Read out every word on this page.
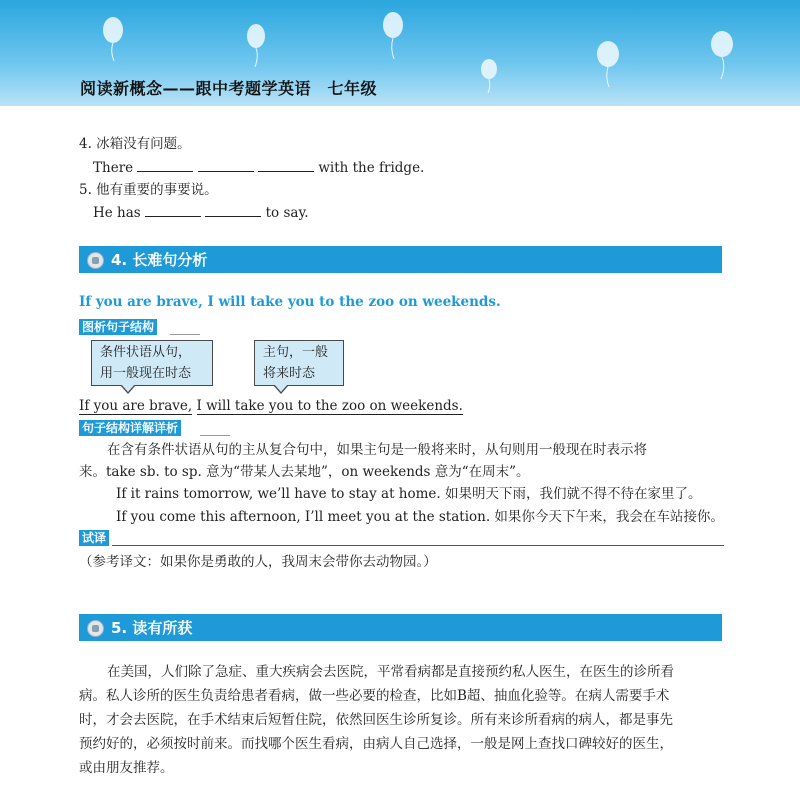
阅读新概念——跟中考题学英语　七年级
4. 冰箱没有问题。
There	with the fridge.
5. 他有重要的事要说。
He has	to say.
4. 长难句分析
If you are brave, I will take you to the zoo on weekends.
图析句子结构
条件状语从句，
用一般现在时态
主句，一般
将来时态
If you are brave, I will take you to the zoo on weekends.
句子结构详解详析
在含有条件状语从句的主从复合句中，如果主句是一般将来时，从句则用一般现在时表示将
来。take sb. to sp. 意为“带某人去某地”，on weekends 意为“在周末”。
If it rains tomorrow, we’ll have to stay at home. 如果明天下雨，我们就不得不待在家里了。
If you come this afternoon, I’ll meet you at the station. 如果你今天下午来，我会在车站接你。
试译
（参考译文：如果你是勇敢的人，我周末会带你去动物园。）
5. 读有所获
在美国，人们除了急症、重大疾病会去医院，平常看病都是直接预约私人医生，在医生的诊所看
病。私人诊所的医生负责给患者看病，做一些必要的检查，比如B超、抽血化验等。在病人需要手术
时，才会去医院，在手术结束后短暂住院，依然回医生诊所复诊。所有来诊所看病的病人，都是事先
预约好的，必须按时前来。而找哪个医生看病，由病人自己选择，一般是网上查找口碑较好的医生，
或由朋友推荐。
